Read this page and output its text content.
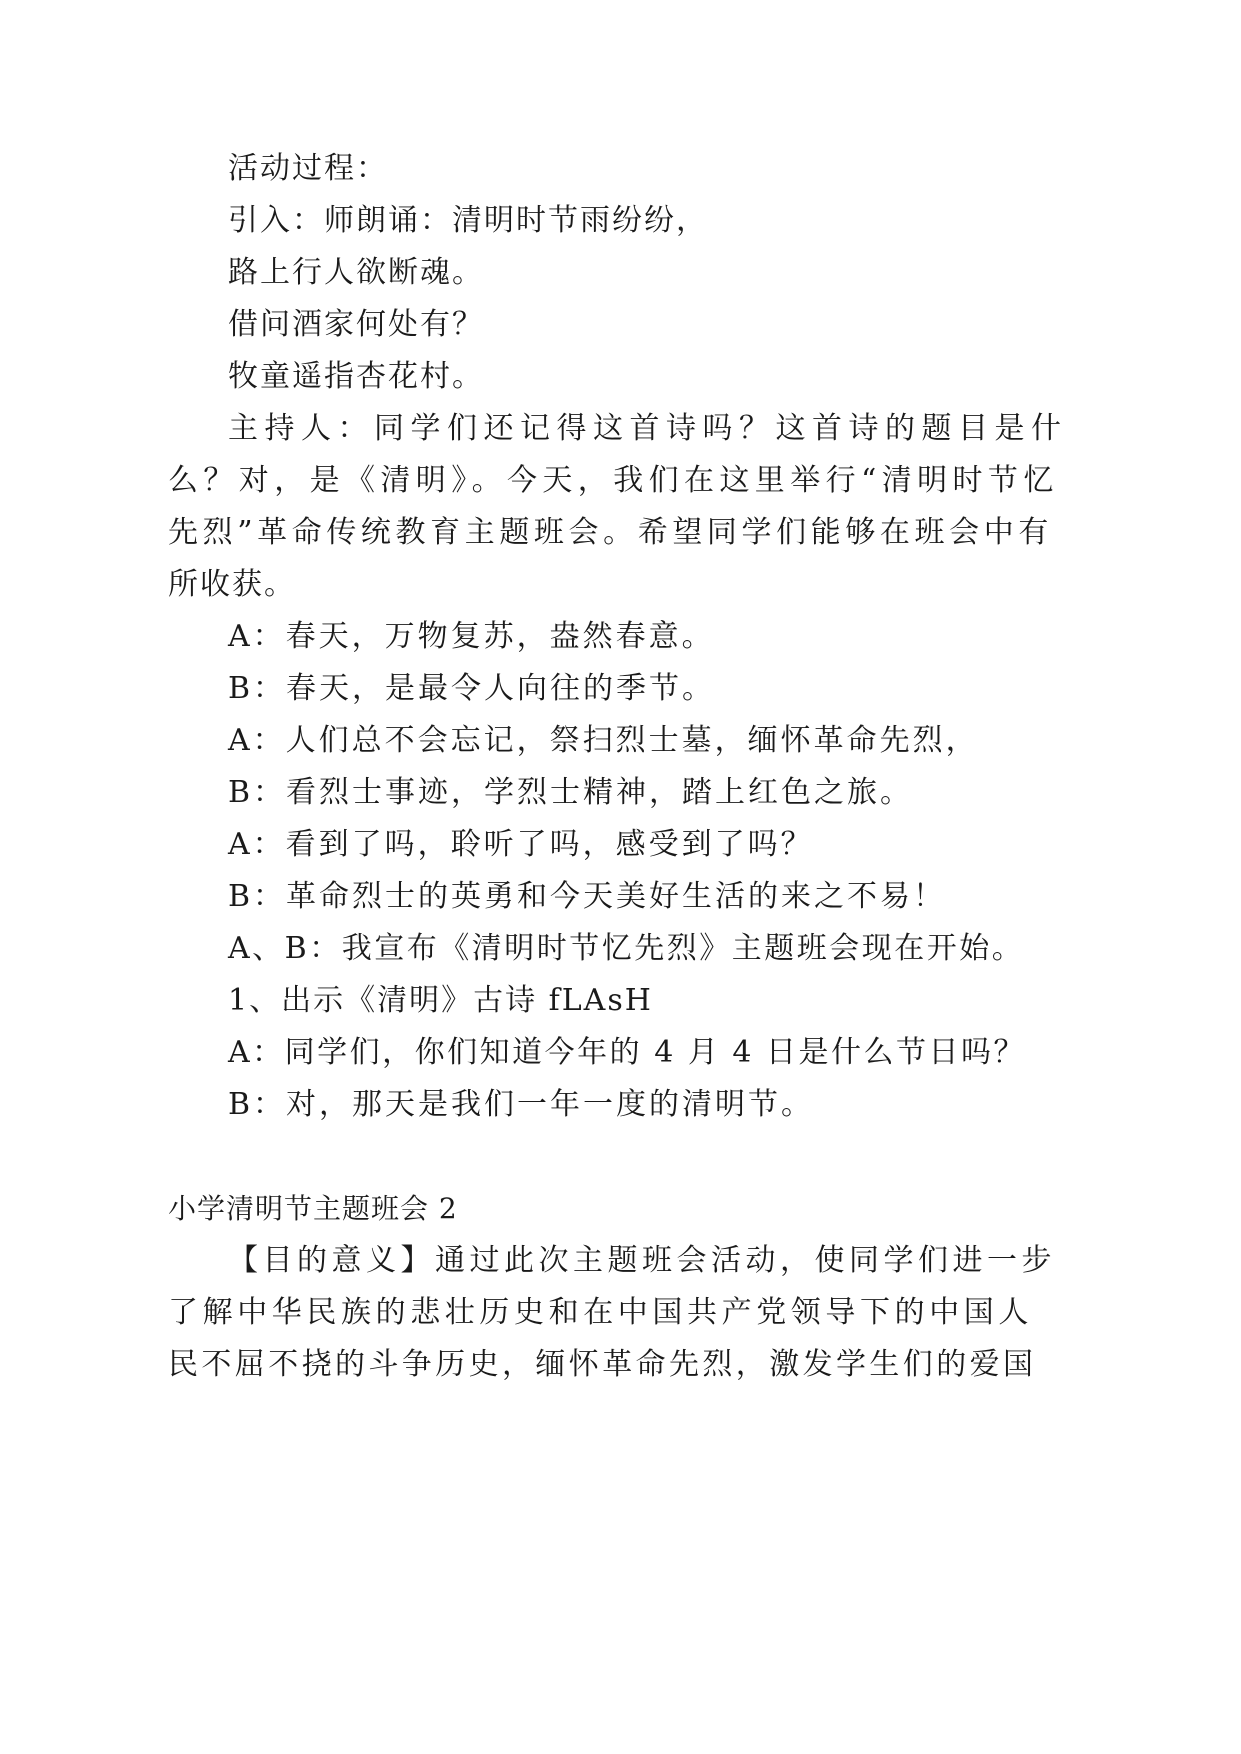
活动过程：
引入：师朗诵：清明时节雨纷纷，
路上行人欲断魂。
借问酒家何处有？
牧童遥指杏花村。
主持人：同学们还记得这首诗吗？这首诗的题目是什
么？对，是《清明》。今天，我们在这里举行“清明时节忆
先烈”革命传统教育主题班会。希望同学们能够在班会中有
所收获。
A：春天，万物复苏，盎然春意。
B：春天，是最令人向往的季节。
A：人们总不会忘记，祭扫烈士墓，缅怀革命先烈，
B：看烈士事迹，学烈士精神，踏上红色之旅。
A：看到了吗，聆听了吗，感受到了吗？
B：革命烈士的英勇和今天美好生活的来之不易！
A、B：我宣布《清明时节忆先烈》主题班会现在开始。
1、出示《清明》古诗 fLAsH
A：同学们，你们知道今年的 4 月 4 日是什么节日吗？
B：对，那天是我们一年一度的清明节。
小学清明节主题班会 2
【目的意义】通过此次主题班会活动，使同学们进一步
了解中华民族的悲壮历史和在中国共产党领导下的中国人
民不屈不挠的斗争历史，缅怀革命先烈，激发学生们的爱国
